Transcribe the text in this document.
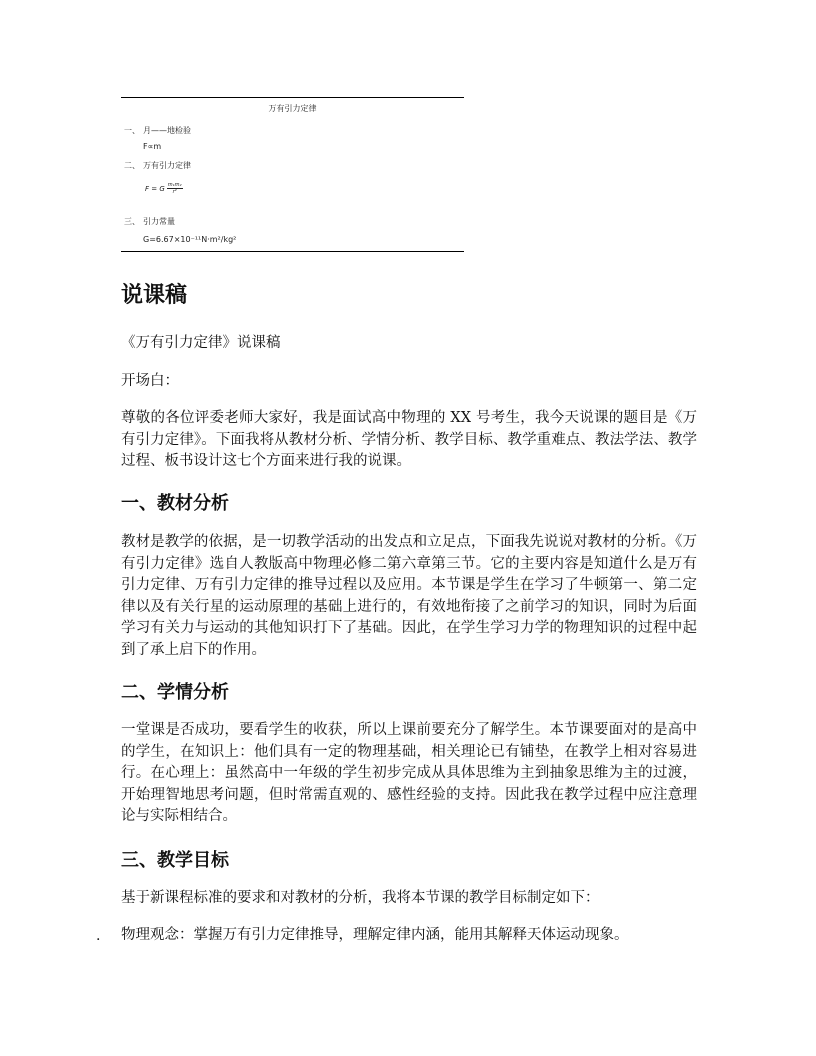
万有引力定律
一、 月——地检验
F∝m
二、 万有引力定律
F = G $\frac{\text{m₁m₂}}{\text{r²}}$
三、 引力常量
G=6.67×10⁻¹¹N·m²/kg²
说课稿

《万有引力定律》说课稿

开场白：

尊敬的各位评委老师大家好，我是面试高中物理的 XX 号考生，我今天说课的题目是《万有引力定律》。下面我将从教材分析、学情分析、教学目标、教学重难点、教法学法、教学过程、板书设计这七个方面来进行我的说课。

一、教材分析

教材是教学的依据，是一切教学活动的出发点和立足点，下面我先说说对教材的分析。《万有引力定律》选自人教版高中物理必修二第六章第三节。它的主要内容是知道什么是万有引力定律、万有引力定律的推导过程以及应用。本节课是学生在学习了牛顿第一、第二定律以及有关行星的运动原理的基础上进行的，有效地衔接了之前学习的知识，同时为后面学习有关力与运动的其他知识打下了基础。因此，在学生学习力学的物理知识的过程中起到了承上启下的作用。

二、学情分析

一堂课是否成功，要看学生的收获，所以上课前要充分了解学生。本节课要面对的是高中的学生，在知识上：他们具有一定的物理基础，相关理论已有铺垫，在教学上相对容易进行。在心理上：虽然高中一年级的学生初步完成从具体思维为主到抽象思维为主的过渡，开始理智地思考问题，但时常需直观的、感性经验的支持。因此我在教学过程中应注意理论与实际相结合。

三、教学目标

基于新课程标准的要求和对教材的分析，我将本节课的教学目标制定如下：

. 物理观念：掌握万有引力定律推导，理解定律内涵，能用其解释天体运动现象。
